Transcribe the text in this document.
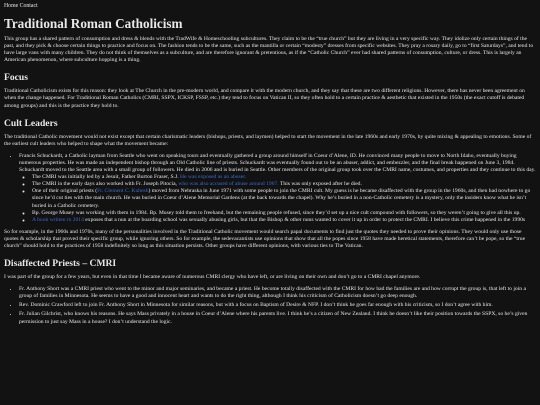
Home Contact
Traditional Roman Catholicism

This group has a shared pattern of consumption and dress & blends with the TradWife & Homeschooling subcultures. They claim to be the “true church” but they are living in a very specific way. They idolize only certain things of the past, and they pick & choose certain things to practice and focus on. The fashion tends to be the same, such as the mantilla or certain “modesty” dresses from specific websites. They pray a rosary daily, go to “first Saturdays”, and tend to have large vans with many children. They do not think of themselves as a subculture, and are therefore ignorant & pretentious, as if the “Catholic Church” ever had shared patterns of consumption, culture, or dress. This is largely an American phenomenon, where subculture hopping is a thing.

Focus

Traditional Catholicism exists for this reason: they look at The Church in the pre-modern world, and compare it with the modern church, and they say that these are two different religions. However, there has never been agreement on when the change happened. For Traditional Roman Catholics (CMRI, SSPX, ICKSP, FSSP, etc.) they tend to focus on Vatican II, so they often hold to a certain practice & aesthetic that existed in the 1950s (the exact cutoff is debated among groups) and this is the practice they hold to.

Cult Leaders

The traditional Catholic movement would not exist except that certain charismatic leaders (bishops, priests, and laymen) helped to start the movement in the late 1960s and early 1970s, by quite mixing & appealing to emotions. Some of the earliest cult leaders who helped to shape what the movement became:

• Francis Schuckardt, a Catholic layman from Seattle who went on speaking tours and eventually gathered a group around himself in Coeur d’Alene, ID. He convinced many people to move to North Idaho, eventually buying numerous properties. He was made an independent bishop through an Old Catholic line of priests. Schuckardt was eventually found out to be an abuser, addict, and embezzler, and the final break happened on June 3, 1984. Schuckardt moved to the Seattle area with a small group of followers. He died in 2006 and is buried in Seattle. Other members of the original group took over the CMRI name, costumes, and properties and they continue to this day.
◦ The CMRI was initially led by a Jesuit, Father Burton Fraser, S.J. He was exposed as an abuser.
◦ The CMRI in the early days also worked with Fr. Joseph Pitocia, who was also accused of abuse around 1967. This was only exposed after he died.
◦ One of their original priests (Fr. Clement C. Kubesh) moved from Nebraska in June 1971 with some people to join the CMRI cult. My guess is he became disaffected with the group in the 1960s, and then had nowhere to go since he’d cut ties with the main church. He was buried in Coeur d’Alene Memorial Gardens (at the back towards the chapel). Why he’s buried in a non-Catholic cemetery is a mystery, only the insiders know what he isn’t buried in a Catholic cemetery.
◦ Bp. George Musey was working with them in 1984. Bp. Musey told them to freehand, but the remaining people refused, since they’d set up a nice cult compound with followers, so they weren’t going to give all this up.
◦ A book written in 2014 exposes that a nun at the boarding school was sexually abusing girls, but that the Bishop & other nuns wanted to cover it up in order to protect the CMRI. I believe this crime happened in the 1990s

So for example, in the 1960s and 1970s, many of the personalities involved in the Traditional Catholic movement would search papal documents to find just the quotes they needed to prove their opinions. They would only use those quotes & scholarship that proved their specific group, while ignoring others. So for example, the sedevacantists use opinions that show that all the popes since 1958 have made heretical statements, therefore can’t be pope, so the “true church” should hold to the practices of 1958 indefinitely so long as this situation persists. Other groups have different opinions, with various ties to The Vatican.

Disaffected Priests – CMRI

I was part of the group for a few years, but even in that time I became aware of numerous CMRI clergy who have left, or are living on their own and don’t go to a CMRI chapel anymore.

• Fr. Anthony Short was a CMRI priest who went to the minor and major seminaries, and became a priest. He become totally disaffected with the CMRI for how bad the families are and how corrupt the group is, that left to join a group of families in Minnesota. He seems to have a good and innocent heart and wants to do the right thing, although I think his criticism of Catholicism doesn’t go deep enough.
• Rev. Dominic Crawford left to join Fr. Anthony Short in Minnesota for similar reasons, but with a focus on Baptism of Desire & NFP. I don’t think he goes far enough with his criticism, so I don’t agree with him.
• Fr. Julian Gilchrist, who knows his reasons. He says Mass privately in a house in Coeur d’Alene where his parents live. I think he’s a citizen of New Zealand. I think he doesn’t like their position towards the SSPX, so he’s given permission to just say Mass in a house? I don’t understand the logic.
